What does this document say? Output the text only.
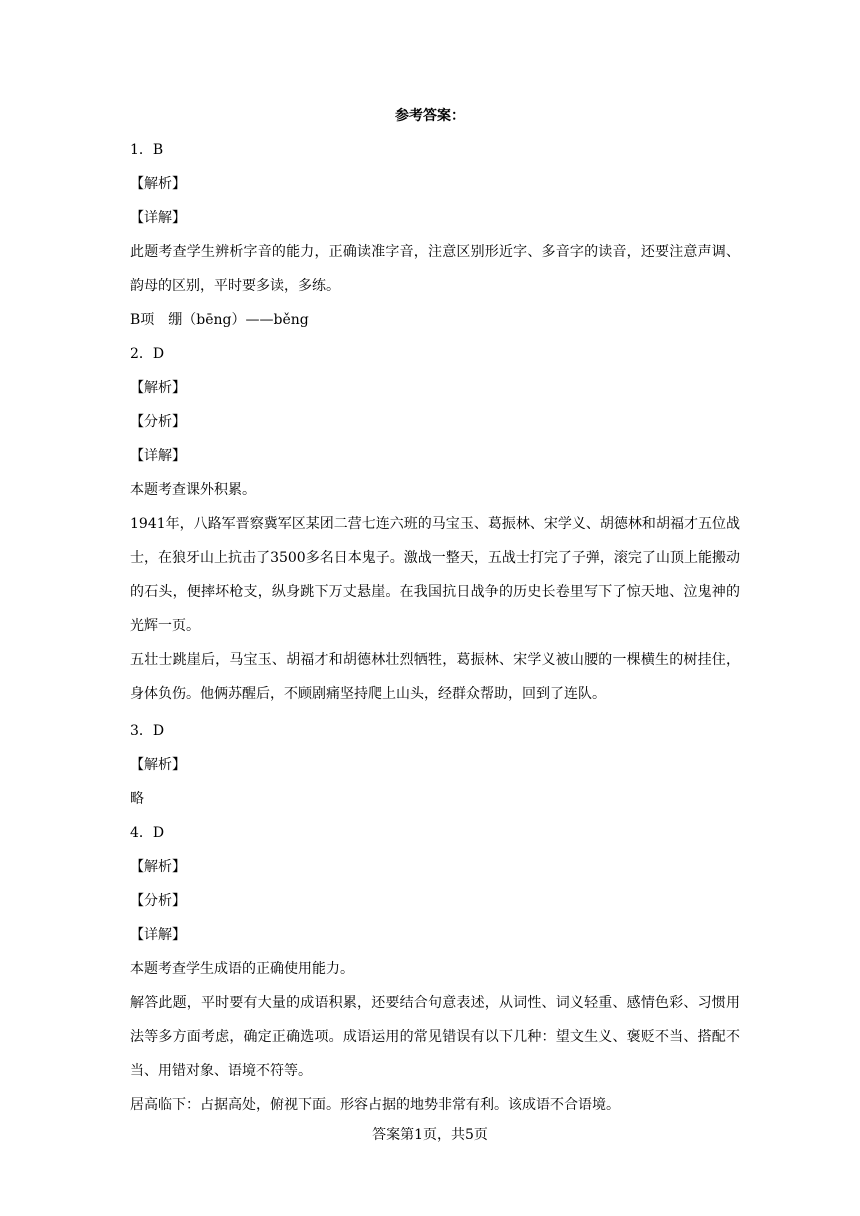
参考答案：
1．B
【解析】
【详解】
此题考查学生辨析字音的能力，正确读准字音，注意区别形近字、多音字的读音，还要注意声调、韵母的区别，平时要多读，多练。
B项　绷（bēng）——běng
2．D
【解析】
【分析】
【详解】
本题考查课外积累。
1941年，八路军晋察冀军区某团二营七连六班的马宝玉、葛振林、宋学义、胡德林和胡福才五位战士，在狼牙山上抗击了3500多名日本鬼子。激战一整天，五战士打完了子弹，滚完了山顶上能搬动的石头，便摔坏枪支，纵身跳下万丈悬崖。在我国抗日战争的历史长卷里写下了惊天地、泣鬼神的光辉一页。
五壮士跳崖后，马宝玉、胡福才和胡德林壮烈牺牲，葛振林、宋学义被山腰的一棵横生的树挂住，身体负伤。他俩苏醒后，不顾剧痛坚持爬上山头，经群众帮助，回到了连队。
3．D
【解析】
略
4．D
【解析】
【分析】
【详解】
本题考查学生成语的正确使用能力。
解答此题，平时要有大量的成语积累，还要结合句意表述，从词性、词义轻重、感情色彩、习惯用法等多方面考虑，确定正确选项。成语运用的常见错误有以下几种：望文生义、褒贬不当、搭配不当、用错对象、语境不符等。
居高临下：占据高处，俯视下面。形容占据的地势非常有利。该成语不合语境。
答案第1页，共5页
